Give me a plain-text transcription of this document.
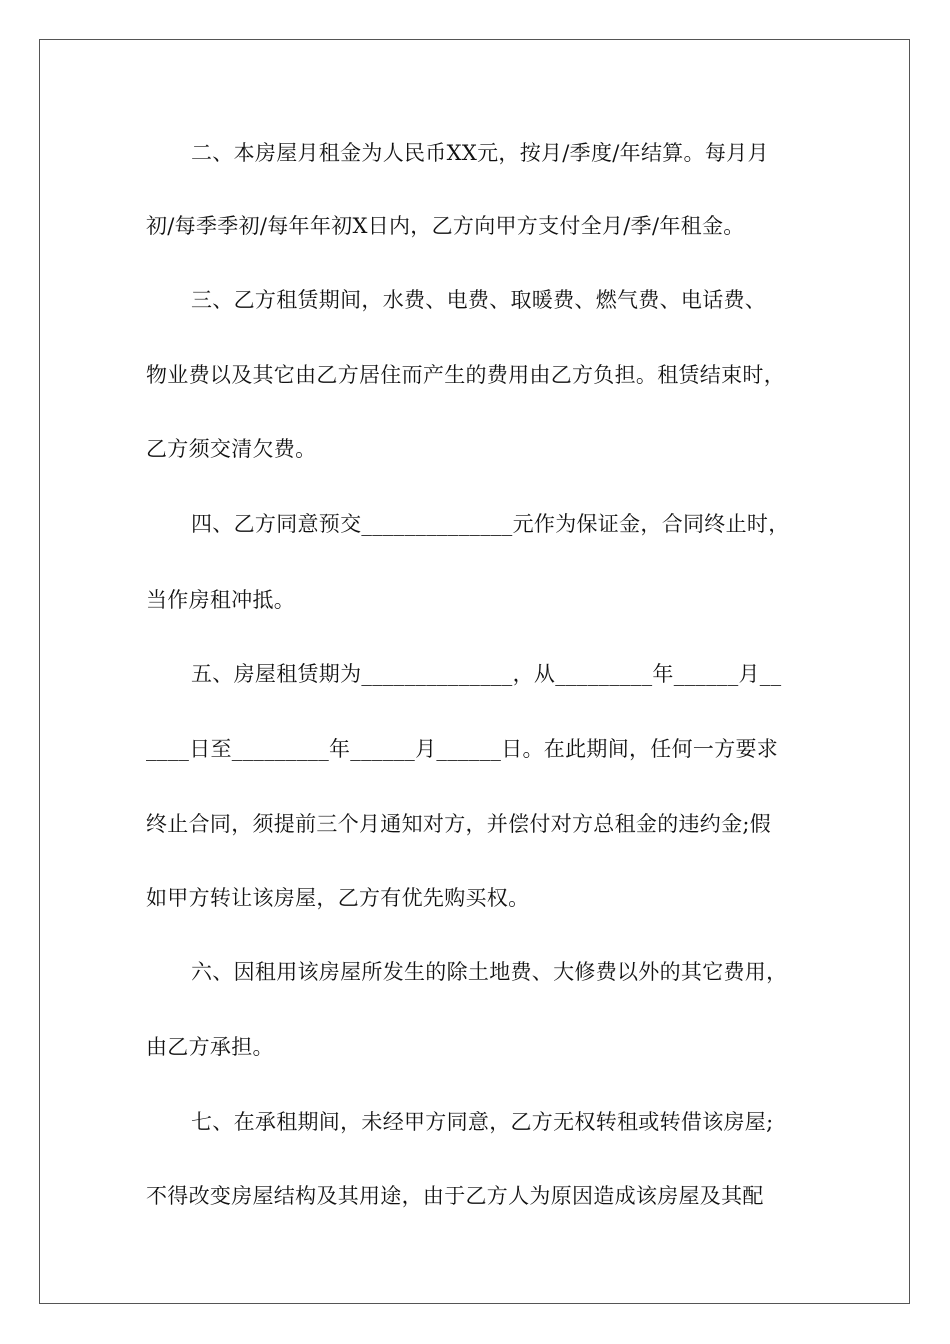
二、本房屋月租金为人民币XX元，按月/季度/年结算。每月月
初/每季季初/每年年初X日内，乙方向甲方支付全月/季/年租金。
三、乙方租赁期间，水费、电费、取暖费、燃气费、电话费、
物业费以及其它由乙方居住而产生的费用由乙方负担。租赁结束时，
乙方须交清欠费。
四、乙方同意预交______________元作为保证金，合同终止时，
当作房租冲抵。
五、房屋租赁期为______________，从_________年______月__
____日至_________年______月______日。在此期间，任何一方要求
终止合同，须提前三个月通知对方，并偿付对方总租金的违约金;假
如甲方转让该房屋，乙方有优先购买权。
六、因租用该房屋所发生的除土地费、大修费以外的其它费用，
由乙方承担。
七、在承租期间，未经甲方同意，乙方无权转租或转借该房屋;
不得改变房屋结构及其用途，由于乙方人为原因造成该房屋及其配
